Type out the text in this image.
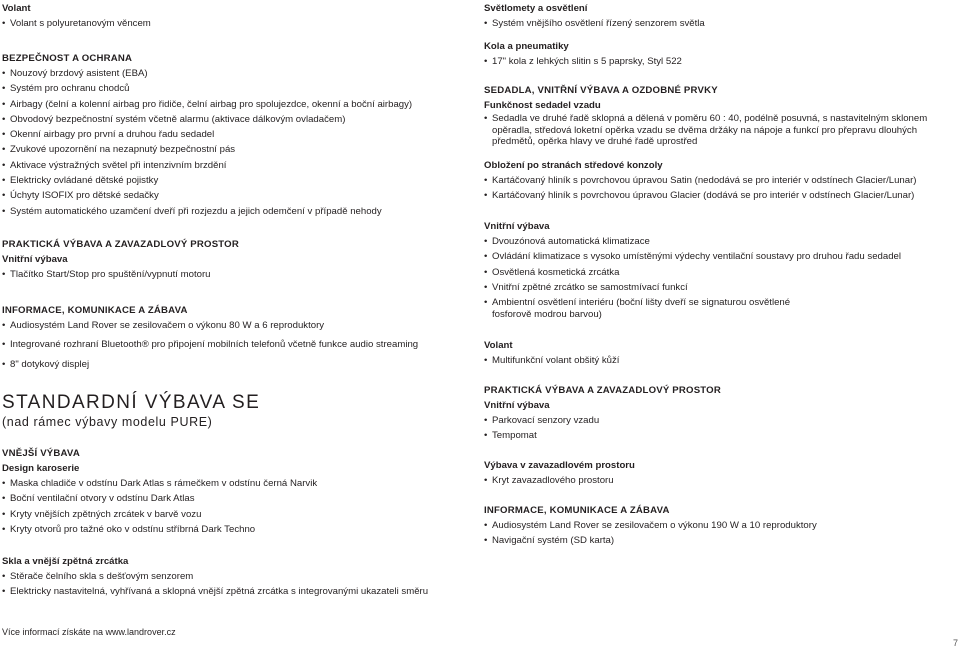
Volant
• Volant s polyuretanovým věncem
BEZPEČNOST A OCHRANA
• Nouzový brzdový asistent (EBA)
• Systém pro ochranu chodců
• Airbagy (čelní a kolenní airbag pro řidiče, čelní airbag pro spolujezdce, okenní a boční airbagy)
• Obvodový bezpečnostní systém včetně alarmu (aktivace dálkovým ovladačem)
• Okenní airbagy pro první a druhou řadu sedadel
• Zvukové upozornění na nezapnutý bezpečnostní pás
• Aktivace výstražných světel při intenzivním brzdění
• Elektricky ovládané dětské pojistky
• Úchyty ISOFIX pro dětské sedačky
• Systém automatického uzamčení dveří při rozjezdu a jejich odemčení v případě nehody
PRAKTICKÁ VÝBAVA A ZAVAZADLOVÝ PROSTOR
Vnitřní výbava
• Tlačítko Start/Stop pro spuštění/vypnutí motoru
INFORMACE, KOMUNIKACE A ZÁBAVA
• Audiosystém Land Rover se zesilovačem o výkonu 80 W a 6 reproduktory
• Integrované rozhraní Bluetooth® pro připojení mobilních telefonů včetně funkce audio streaming
• 8" dotykový displej
STANDARDNÍ VÝBAVA SE
(nad rámec výbavy modelu PURE)
VNĚJŠÍ VÝBAVA
Design karoserie
• Maska chladiče v odstínu Dark Atlas s rámečkem v odstínu černá Narvik
• Boční ventilační otvory v odstínu Dark Atlas
• Kryty vnějších zpětných zrcátek v barvě vozu
• Kryty otvorů pro tažné oko v odstínu stříbrná Dark Techno
Skla a vnější zpětná zrcátka
• Stěrače čelního skla s dešťovým senzorem
• Elektricky nastavitelná, vyhřívaná a sklopná vnější zpětná zrcátka s integrovanými ukazateli směru
Více informací získáte na www.landrover.cz
Světlomety a osvětlení
• Systém vnějšího osvětlení řízený senzorem světla
Kola a pneumatiky
• 17" kola z lehkých slitin s 5 paprsky, Styl 522
SEDADLA, VNITŘNÍ VÝBAVA A OZDOBNÉ PRVKY
Funkčnost sedadel vzadu
• Sedadla ve druhé řadě sklopná a dělená v poměru 60 : 40, podélně posuvná, s nastavitelným sklonem opěradla, středová loketní opěrka vzadu se dvěma držáky na nápoje a funkcí pro přepravu dlouhých předmětů, opěrka hlavy ve druhé řadě uprostřed
Obložení po stranách středové konzoly
• Kartáčovaný hliník s povrchovou úpravou Satin (nedodává se pro interiér v odstínech Glacier/Lunar)
• Kartáčovaný hliník s povrchovou úpravou Glacier (dodává se pro interiér v odstínech Glacier/Lunar)
Vnitřní výbava
• Dvouzónová automatická klimatizace
• Ovládání klimatizace s vysoko umístěnými výdechy ventilační soustavy pro druhou řadu sedadel
• Osvětlená kosmetická zrcátka
• Vnitřní zpětné zrcátko se samostmívací funkcí
• Ambientní osvětlení interiéru (boční lišty dveří se signaturou osvětlené fosforově modrou barvou)
Volant
• Multifunkční volant obšitý kůží
PRAKTICKÁ VÝBAVA A ZAVAZADLOVÝ PROSTOR
Vnitřní výbava
• Parkovací senzory vzadu
• Tempomat
Výbava v zavazadlovém prostoru
• Kryt zavazadlového prostoru
INFORMACE, KOMUNIKACE A ZÁBAVA
• Audiosystém Land Rover se zesilovačem o výkonu 190 W a 10 reproduktory
• Navigační systém (SD karta)
7
